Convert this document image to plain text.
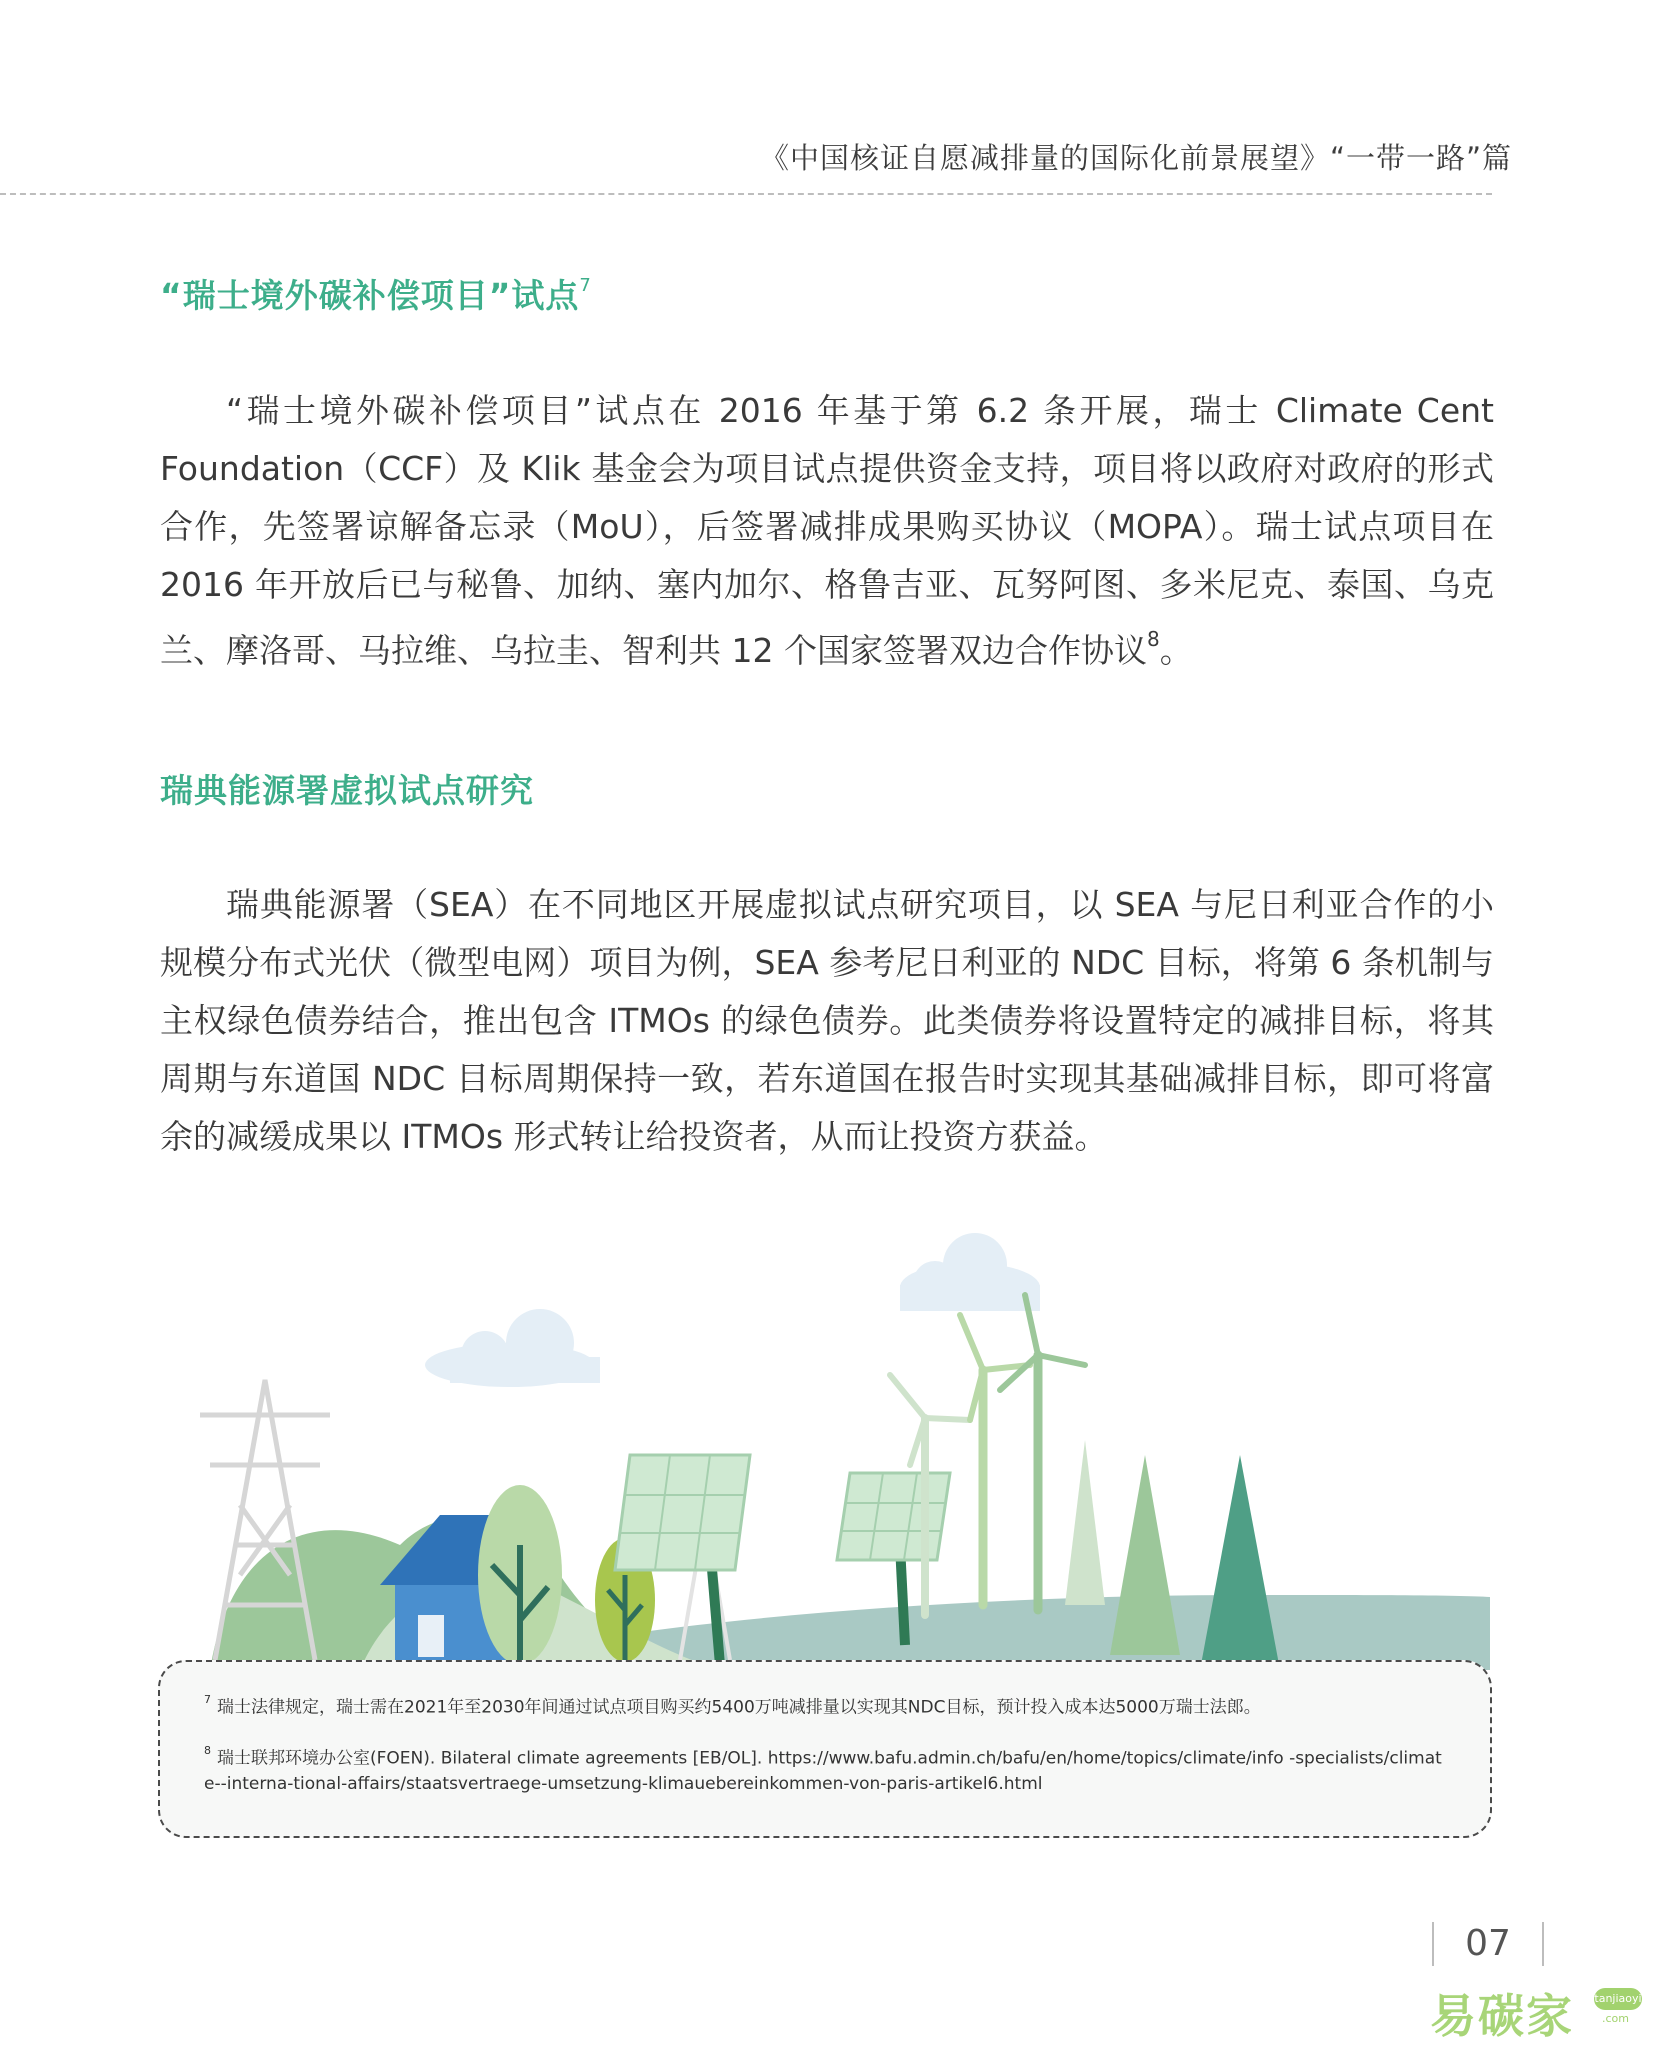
《中国核证自愿减排量的国际化前景展望》“一带一路”篇
“瑞士境外碳补偿项目”试点$^7$
“瑞士境外碳补偿项目”试点在 2016 年基于第 6.2 条开展，瑞士 Climate Cent Foundation（CCF）及 Klik 基金会为项目试点提供资金支持，项目将以政府对政府的形式合作，先签署谅解备忘录（MoU），后签署减排成果购买协议（MOPA）。瑞士试点项目在 2016 年开放后已与秘鲁、加纳、塞内加尔、格鲁吉亚、瓦努阿图、多米尼克、泰国、乌克兰、摩洛哥、马拉维、乌拉圭、智利共 12 个国家签署双边合作协议$^8$。
瑞典能源署虚拟试点研究
瑞典能源署（SEA）在不同地区开展虚拟试点研究项目，以 SEA 与尼日利亚合作的小规模分布式光伏（微型电网）项目为例，SEA 参考尼日利亚的 NDC 目标，将第 6 条机制与主权绿色债券结合，推出包含 ITMOs 的绿色债券。此类债券将设置特定的减排目标，将其周期与东道国 NDC 目标周期保持一致，若东道国在报告时实现其基础减排目标，即可将富余的减缓成果以 ITMOs 形式转让给投资者，从而让投资方获益。

$^7$ 瑞士法律规定，瑞士需在2021年至2030年间通过试点项目购买约5400万吨减排量以实现其NDC目标，预计投入成本达5000万瑞士法郎。

$^8$ 瑞士联邦环境办公室(FOEN). Bilateral climate agreements [EB/OL]. https://www.bafu.admin.ch/bafu/en/home/topics/climate/info -specialists/climate--interna-tional-affairs/staatsvertraege-umsetzung-klimauebereinkommen-von-paris-artikel6.html

07
易碳家 tanjiaoyi
.com
